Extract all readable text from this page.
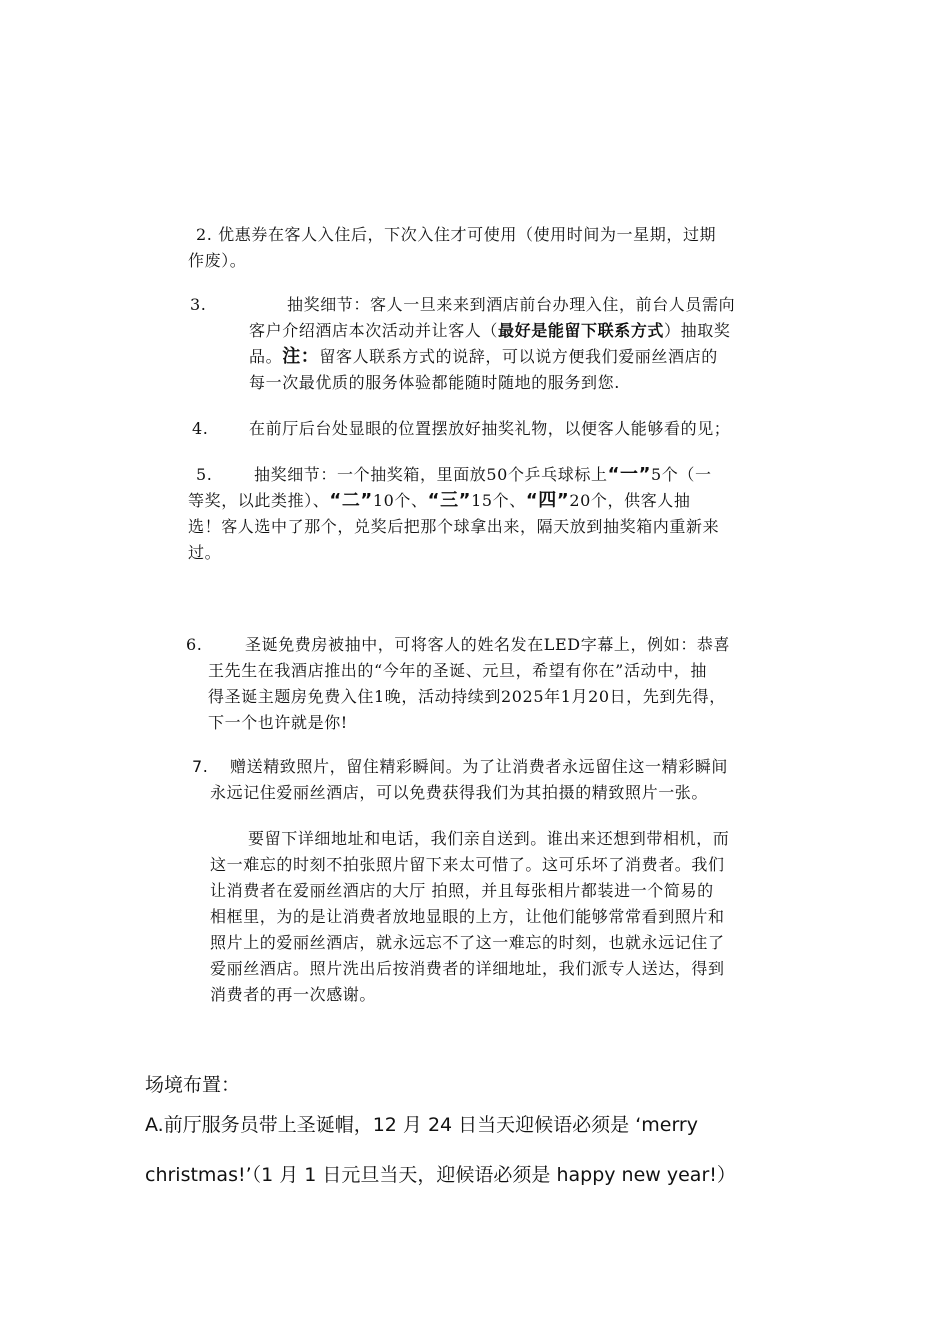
2. 优惠券在客人入住后，下次入住才可使用（使用时间为一星期，过期
作废）。
3.	抽奖细节：客人一旦来来到酒店前台办理入住，前台人员需向
客户介绍酒店本次活动并让客人（最好是能留下联系方式）抽取奖
品。注：留客人联系方式的说辞，可以说方便我们爱丽丝酒店的
每一次最优质的服务体验都能随时随地的服务到您.
4.	在前厅后台处显眼的位置摆放好抽奖礼物，以便客人能够看的见；
5.	抽奖细节：一个抽奖箱，里面放50个乒乓球标上“一”5个（一
等奖，以此类推）、“二”10个、“三”15个、“四”20个，供客人抽
选！客人选中了那个，兑奖后把那个球拿出来，隔天放到抽奖箱内重新来
过。
6.	圣诞免费房被抽中，可将客人的姓名发在LED字幕上，例如：恭喜
王先生在我酒店推出的“今年的圣诞、元旦，希望有你在”活动中，抽
得圣诞主题房免费入住1晚，活动持续到2025年1月20日，先到先得，
下一个也许就是你!
7.	赠送精致照片，留住精彩瞬间。为了让消费者永远留住这一精彩瞬间
永远记住爱丽丝酒店，可以免费获得我们为其拍摄的精致照片一张。
要留下详细地址和电话，我们亲自送到。谁出来还想到带相机，而
这一难忘的时刻不拍张照片留下来太可惜了。这可乐坏了消费者。我们
让消费者在爱丽丝酒店的大厅 拍照，并且每张相片都装进一个简易的
相框里，为的是让消费者放地显眼的上方，让他们能够常常看到照片和
照片上的爱丽丝酒店，就永远忘不了这一难忘的时刻，也就永远记住了
爱丽丝酒店。照片洗出后按消费者的详细地址，我们派专人送达，得到
消费者的再一次感谢。
场境布置：
A.前厅服务员带上圣诞帽，12 月 24 日当天迎候语必须是 ‘merry
christmas!’（1 月 1 日元旦当天，迎候语必须是 happy new year!）
